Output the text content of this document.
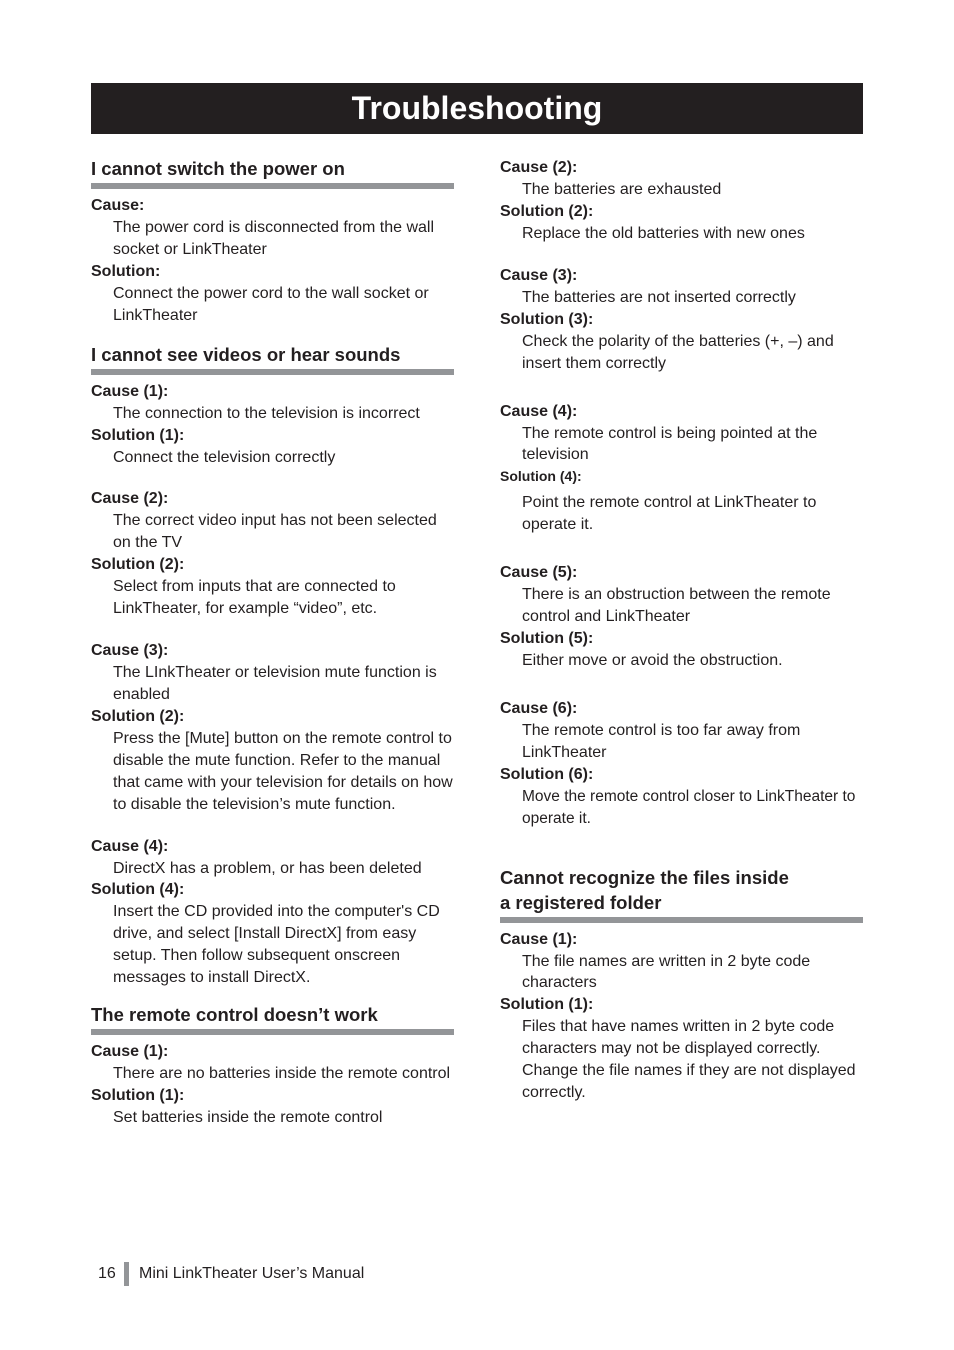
Troubleshooting
I cannot switch the power on
Cause:
The power cord is disconnected from the wall socket or LinkTheater
Solution:
Connect the power cord to the wall socket or LinkTheater
I cannot see videos or hear sounds
Cause (1):
The connection to the television is incorrect
Solution (1):
Connect the television correctly
Cause (2):
The correct video input has not been selected on the TV
Solution (2):
Select from inputs that are connected to LinkTheater, for example “video”, etc.
Cause (3):
The LInkTheater or television mute function is enabled
Solution (2):
Press the [Mute] button on the remote control to disable the mute function. Refer to the manual that came with your television for details on how to disable the television’s mute function.
Cause (4):
DirectX has a problem, or has been deleted
Solution (4):
Insert the CD provided into the computer's CD drive, and select [Install DirectX] from easy setup. Then follow subsequent onscreen messages to install DirectX.
The remote control doesn’t work
Cause (1):
There are no batteries inside the remote control
Solution (1):
Set batteries inside the remote control
Cause (2):
The batteries are exhausted
Solution (2):
Replace the old batteries with new ones
Cause (3):
The batteries are not inserted correctly
Solution (3):
Check the polarity of the batteries (+, –) and insert them correctly
Cause (4):
The remote control is being pointed at the television
Solution (4):
Point the remote control at LinkTheater to operate it.
Cause (5):
There is an obstruction between the remote control and LinkTheater
Solution (5):
Either move or avoid the obstruction.
Cause (6):
The remote control is too far away from LinkTheater
Solution (6):
Move the remote control closer to LinkTheater to operate it.
Cannot recognize the files inside
a registered folder
Cause (1):
The file names are written in 2 byte code characters
Solution (1):
Files that have names written in 2 byte code characters may not be displayed correctly. Change the file names if they are not displayed correctly.
16 Mini LinkTheater User’s Manual
